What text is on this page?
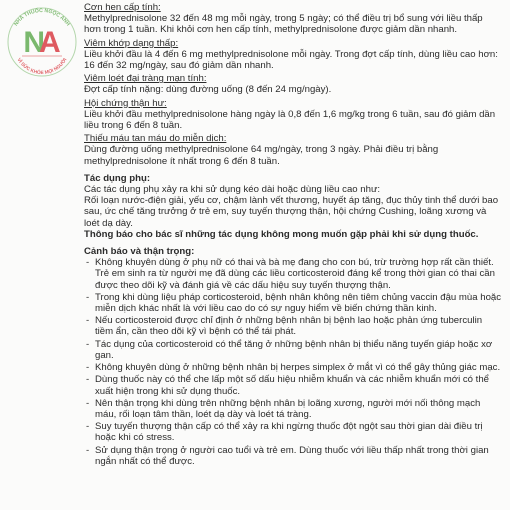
NHÀ THUỐC NGỌC ANH
VÌ SỨC KHỎE MỌI NGƯỜI
NA
Cơn hen cấp tính:

Methylprednisolone 32 đến 48 mg mỗi ngày, trong 5 ngày; có thể điều trị bổ sung với liều thấp hơn trong 1 tuần. Khi khỏi cơn hen cấp tính, methylprednisolone được giảm dần nhanh.

Viêm khớp dạng thấp:

Liều khởi đầu là 4 đến 6 mg methylprednisolone mỗi ngày. Trong đợt cấp tính, dùng liều cao hơn: 16 đến 32 mg/ngày, sau đó giảm dần nhanh.

Viêm loét đại tràng mạn tính:

Đợt cấp tính nặng: dùng đường uống (8 đến 24 mg/ngày).

Hội chứng thận hư:

Liều khởi đầu methylprednisolone hàng ngày là 0,8 đến 1,6 mg/kg trong 6 tuần, sau đó giảm dần liều trong 6 đến 8 tuần.

Thiếu máu tan máu do miễn dịch:

Dùng đường uống methylprednisolone 64 mg/ngày, trong 3 ngày. Phải điều trị bằng methylprednisolone ít nhất trong 6 đến 8 tuần.

Tác dụng phụ:

Các tác dụng phụ xảy ra khi sử dụng kéo dài hoặc dùng liều cao như:

Rối loạn nước-điện giải, yếu cơ, chậm lành vết thương, huyết áp tăng, đục thủy tinh thể dưới bao sau, ức chế tăng trưởng ở trẻ em, suy tuyến thượng thận, hội chứng Cushing, loãng xương và loét dạ dày.

Thông báo cho bác sĩ những tác dụng không mong muốn gặp phải khi sử dụng thuốc.

Cảnh báo và thận trọng:
- Không khuyên dùng ở phụ nữ có thai và bà mẹ đang cho con bú, trừ trường hợp rất cần thiết. Trẻ em sinh ra từ người mẹ đã dùng các liều corticosteroid đáng kể trong thời gian có thai cần được theo dõi kỹ và đánh giá về các dấu hiệu suy tuyến thượng thận.
- Trong khi dùng liệu pháp corticosteroid, bệnh nhân không nên tiêm chủng vaccin đậu mùa hoặc miễn dịch khác nhất là với liều cao do có sự nguy hiểm về biến chứng thần kinh.
- Nếu corticosteroid được chỉ định ở những bệnh nhân bị bệnh lao hoặc phản ứng tuberculin tiềm ẩn, cần theo dõi kỹ vì bệnh có thể tái phát.
- Tác dụng của corticosteroid có thể tăng ở những bệnh nhân bị thiểu năng tuyến giáp hoặc xơ gan.
- Không khuyên dùng ở những bệnh nhân bị herpes simplex ở mắt vì có thể gây thủng giác mạc.
- Dùng thuốc này có thể che lấp một số dấu hiệu nhiễm khuẩn và các nhiễm khuẩn mới có thể xuất hiện trong khi sử dụng thuốc.
- Nên thận trọng khi dùng trên những bệnh nhân bị loãng xương, người mới nối thông mạch máu, rối loạn tâm thần, loét dạ dày và loét tá tràng.
- Suy tuyến thượng thận cấp có thể xảy ra khi ngừng thuốc đột ngột sau thời gian dài điều trị hoặc khi có stress.
- Sử dụng thận trọng ở người cao tuổi và trẻ em. Dùng thuốc với liều thấp nhất trong thời gian ngắn nhất có thể được.
